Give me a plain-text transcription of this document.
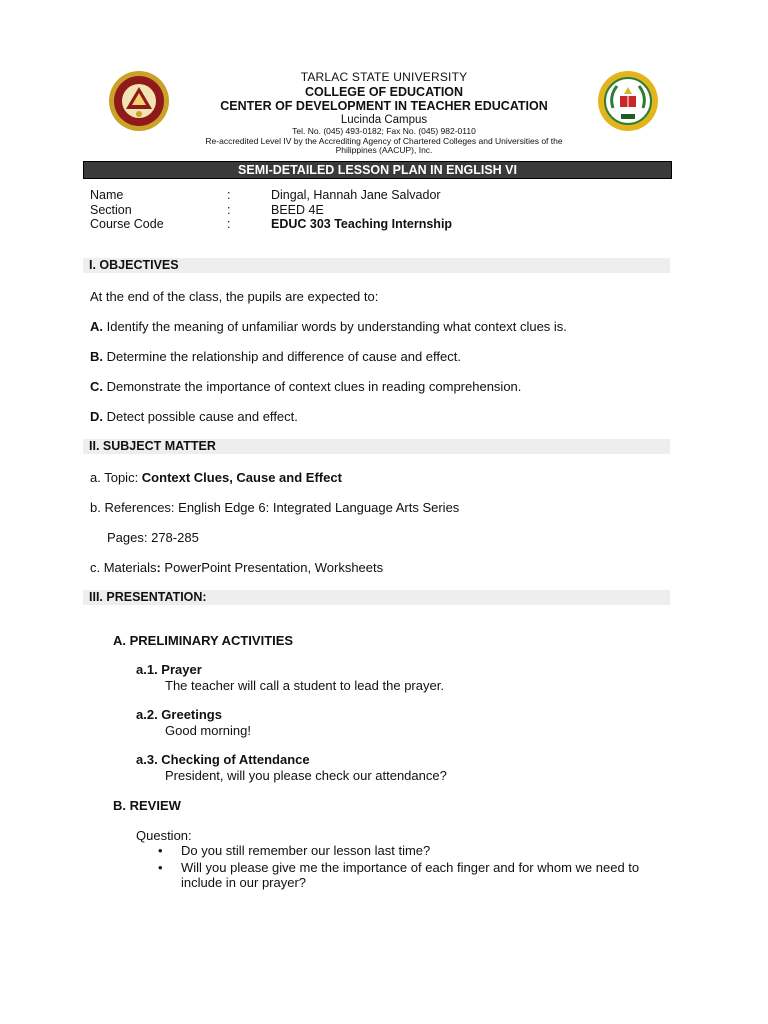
TARLAC STATE UNIVERSITY
COLLEGE OF EDUCATION
CENTER OF DEVELOPMENT IN TEACHER EDUCATION
Lucinda Campus
Tel. No. (045) 493-0182; Fax No. (045) 982-0110
Re-accredited Level IV by the Accrediting Agency of Chartered Colleges and Universities of the
Philippines (AACUP), Inc.
SEMI-DETAILED LESSON PLAN IN ENGLISH VI
Name	:	Dingal, Hannah Jane Salvador
Section	:	BEED 4E
Course Code	:	EDUC 303 Teaching Internship
I. OBJECTIVES
At the end of the class, the pupils are expected to:
A. Identify the meaning of unfamiliar words by understanding what context clues is.
B. Determine the relationship and difference of cause and effect.
C. Demonstrate the importance of context clues in reading comprehension.
D. Detect possible cause and effect.
II. SUBJECT MATTER
a. Topic: Context Clues, Cause and Effect
b. References: English Edge 6: Integrated Language Arts Series
Pages: 278-285
c. Materials: PowerPoint Presentation, Worksheets
III. PRESENTATION:
A. PRELIMINARY ACTIVITIES
a.1. Prayer
The teacher will call a student to lead the prayer.
a.2. Greetings
Good morning!
a.3. Checking of Attendance
President, will you please check our attendance?
B. REVIEW
Question:
• Do you still remember our lesson last time?
• Will you please give me the importance of each finger and for whom we need to include in our prayer?
